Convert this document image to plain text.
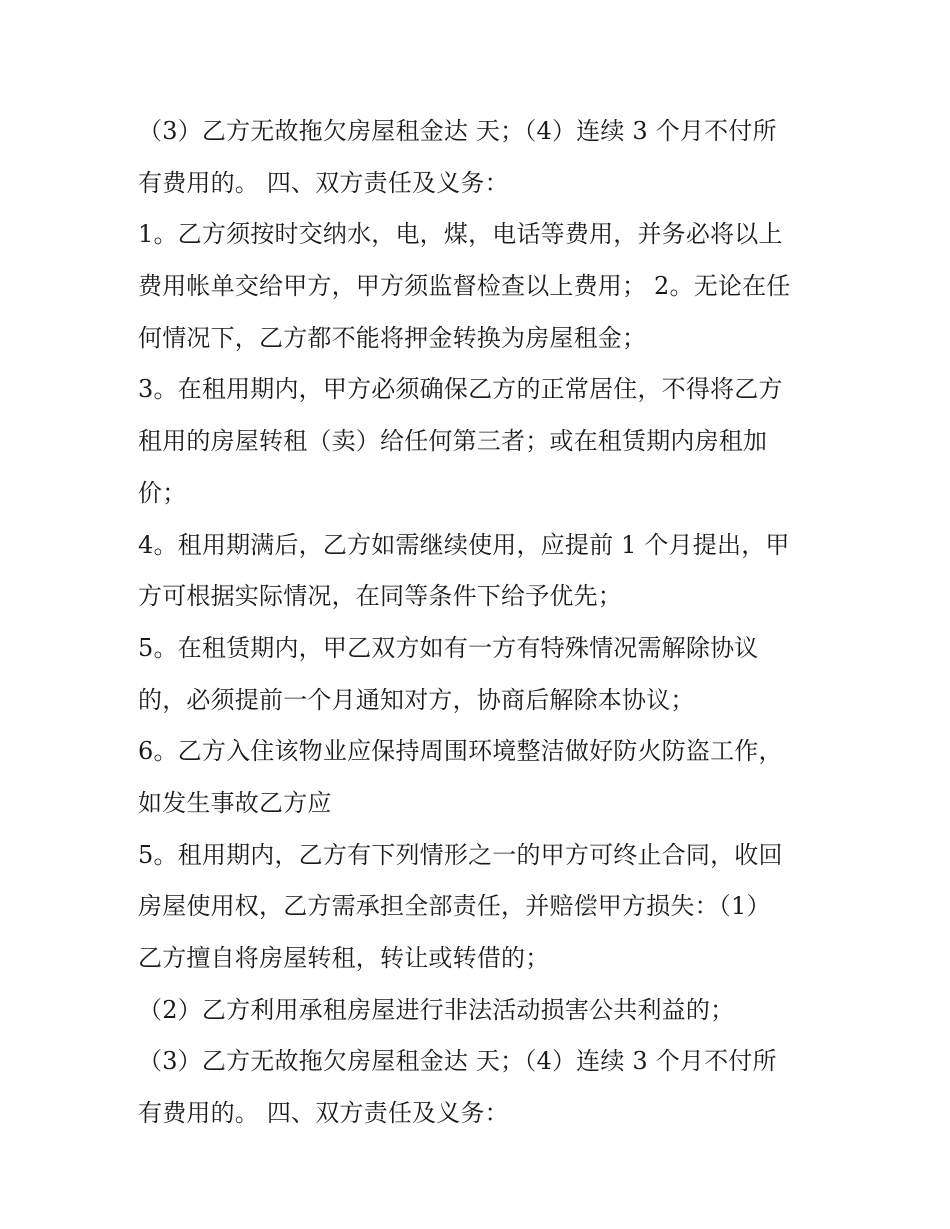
（3）乙方无故拖欠房屋租金达 天；（4）连续 3 个月不付所
有费用的。 四、双方责任及义务：
1。乙方须按时交纳水，电，煤，电话等费用，并务必将以上
费用帐单交给甲方，甲方须监督检查以上费用； 2。无论在任
何情况下，乙方都不能将押金转换为房屋租金；
3。在租用期内，甲方必须确保乙方的正常居住，不得将乙方
租用的房屋转租（卖）给任何第三者；或在租赁期内房租加
价；
4。租用期满后，乙方如需继续使用，应提前 1 个月提出，甲
方可根据实际情况，在同等条件下给予优先；
5。在租赁期内，甲乙双方如有一方有特殊情况需解除协议
的，必须提前一个月通知对方，协商后解除本协议；
6。乙方入住该物业应保持周围环境整洁做好防火防盗工作，
如发生事故乙方应
5。租用期内，乙方有下列情形之一的甲方可终止合同，收回
房屋使用权，乙方需承担全部责任，并赔偿甲方损失：（1）
乙方擅自将房屋转租，转让或转借的；
（2）乙方利用承租房屋进行非法活动损害公共利益的；
（3）乙方无故拖欠房屋租金达 天；（4）连续 3 个月不付所
有费用的。 四、双方责任及义务：
